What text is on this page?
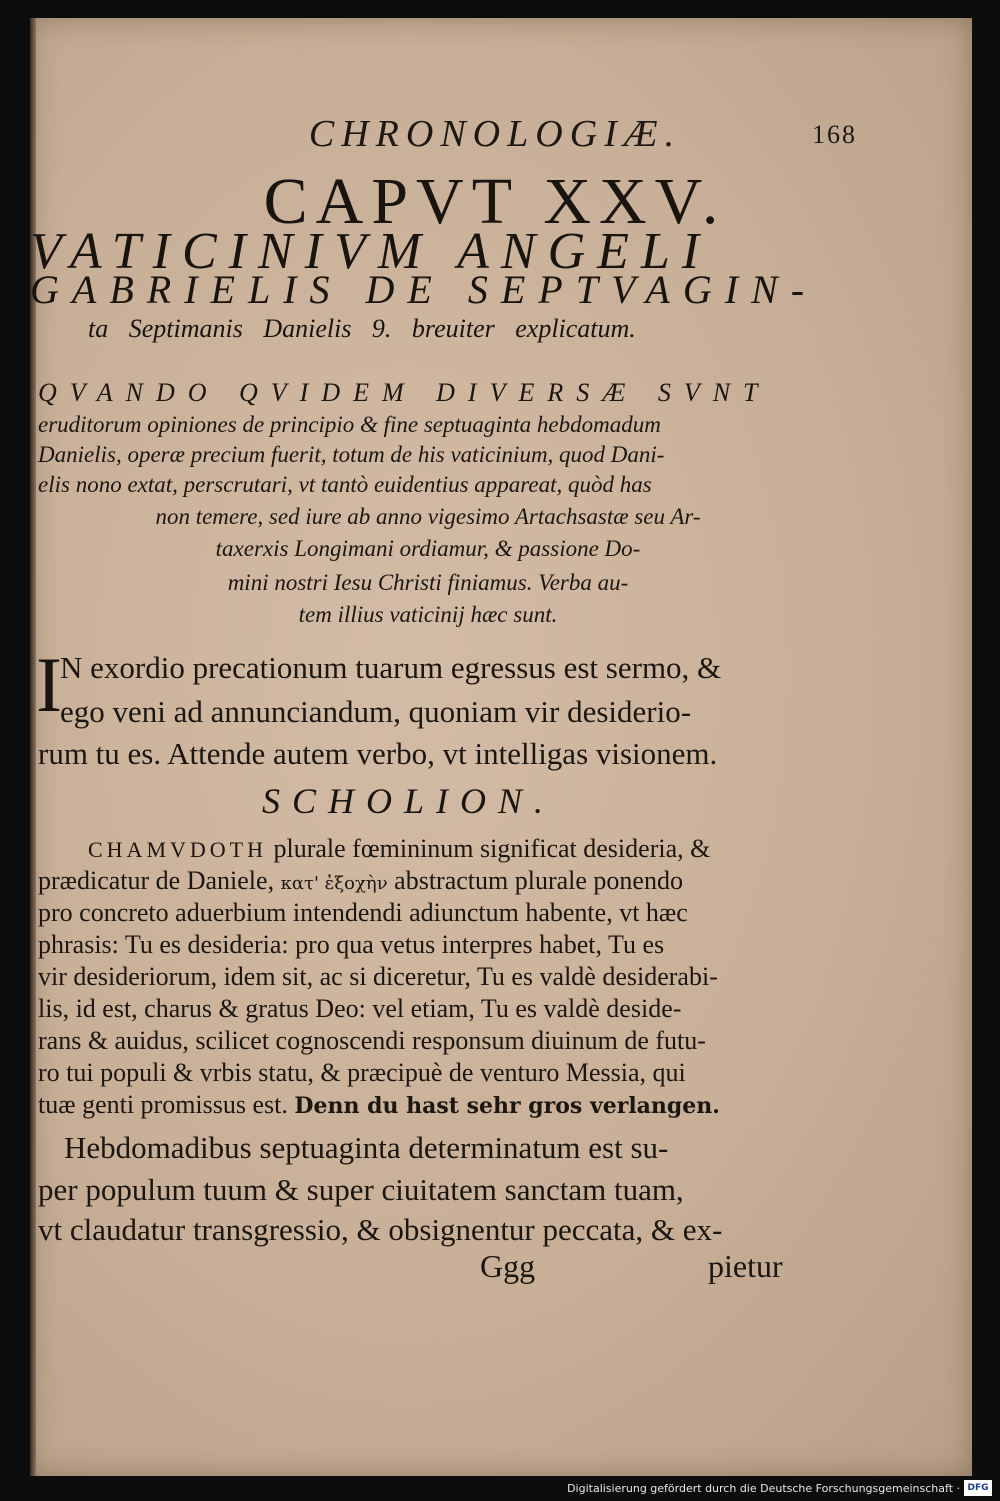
CHRONOLOGIÆ.	168
CAPVT XXV.
VATICINIVM ANGELI
GABRIELIS DE SEPTVAGIN-
ta Septimanis Danielis 9. breuiter explicatum.
QVANDO QVIDEM DIVERSÆ SVNT
eruditorum opiniones de principio & fine septuaginta hebdomadum
Danielis, operæ precium fuerit, totum de his vaticinium, quod Dani-
elis nono extat, perscrutari, vt tantò euidentius appareat, quòd has
non temere, sed iure ab anno vigesimo Artachsastæ seu Ar-
taxerxis Longimani ordiamur, & passione Do-
mini nostri Iesu Christi finiamus. Verba au-
tem illius vaticinij hæc sunt.
I
N exordio precationum tuarum egressus est sermo, &
ego veni ad annunciandum, quoniam vir desiderio-
rum tu es. Attende autem verbo, vt intelligas visionem.
SCHOLION.
CHAMVDOTH plurale fœmininum significat desideria, &
prædicatur de Daniele, κατ' ἐξοχὴν abstractum plurale ponendo
pro concreto aduerbium intendendi adiunctum habente, vt hæc
phrasis: Tu es desideria: pro qua vetus interpres habet, Tu es
vir desideriorum, idem sit, ac si diceretur, Tu es valdè desiderabi-
lis, id est, charus & gratus Deo: vel etiam, Tu es valdè deside-
rans & auidus, scilicet cognoscendi responsum diuinum de futu-
ro tui populi & vrbis statu, & præcipuè de venturo Messia, qui
tuæ genti promissus est. Denn du hast sehr gros verlangen.
Hebdomadibus septuaginta determinatum est su-
per populum tuum & super ciuitatem sanctam tuam,
vt claudatur transgressio, & obsignentur peccata, & ex-
Ggg	pietur
Digitalisierung gefördert durch die Deutsche Forschungsgemeinschaft · DFG
